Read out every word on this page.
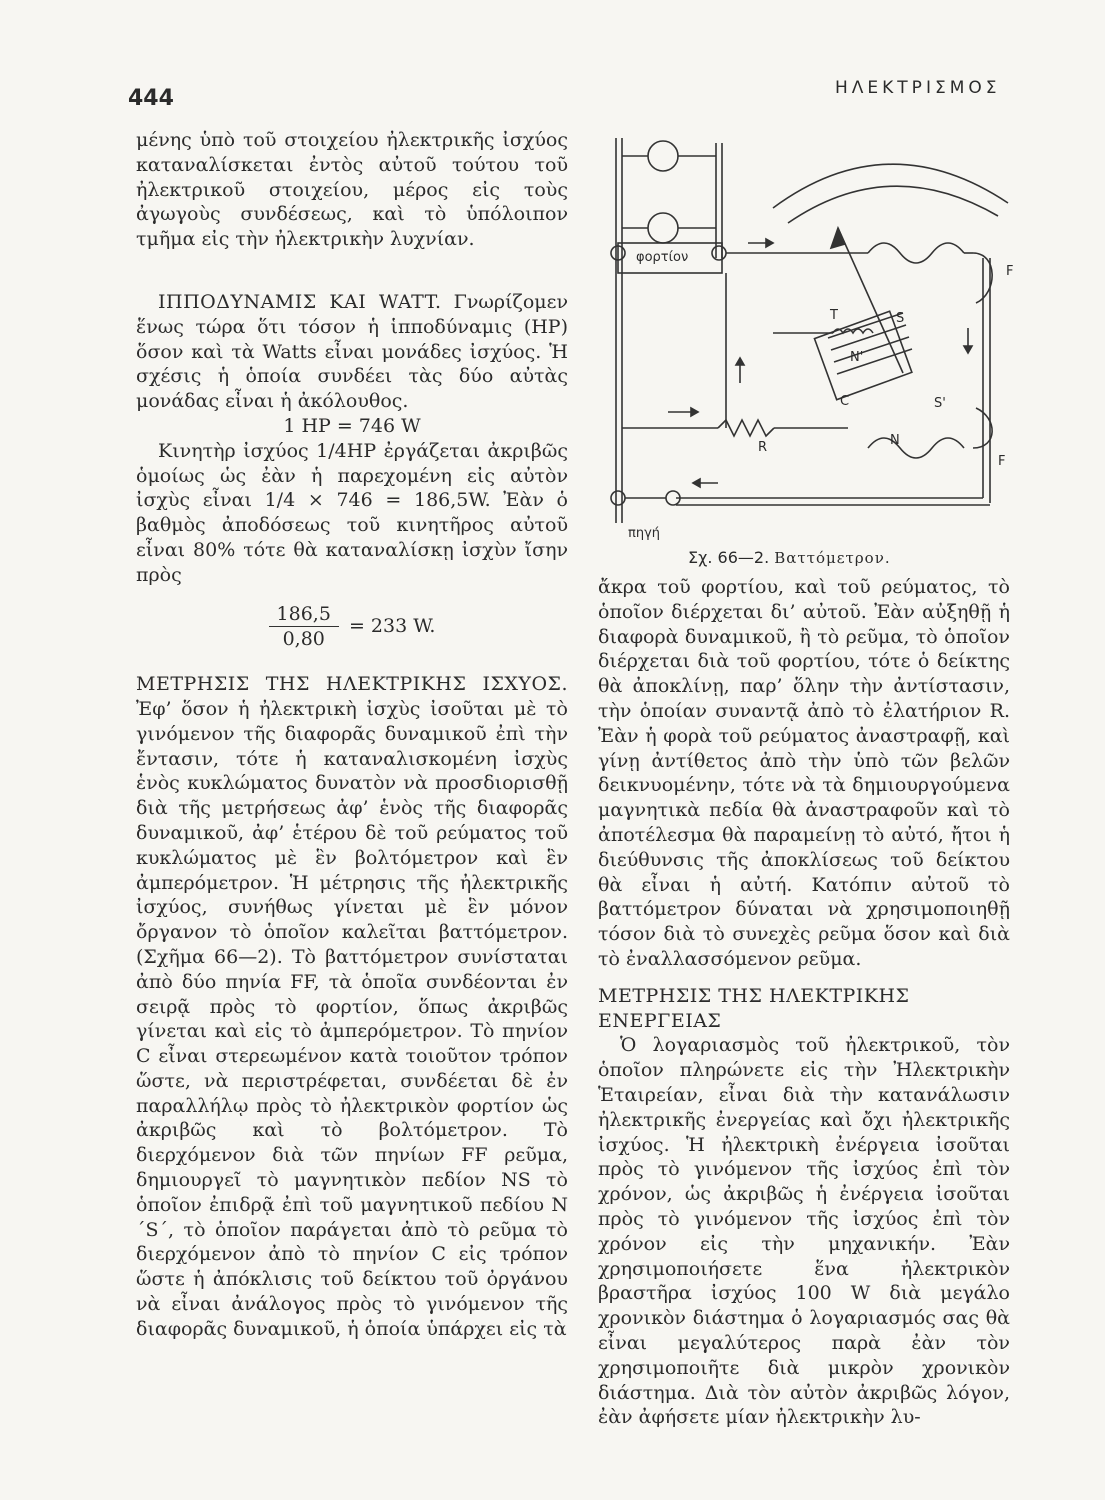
444	ΗΛΕΚΤΡΙΣΜΟΣ

μένης ὑπὸ τοῦ στοιχείου ἠλεκτρικῆς ἰσχύος καταναλίσκεται ἐντὸς αὐτοῦ τούτου τοῦ ἠλεκτρικοῦ στοιχείου, μέρος εἰς τοὺς ἀγωγοὺς συνδέσεως, καὶ τὸ ὑπόλοιπον τμῆμα εἰς τὴν ἠλεκτρικὴν λυχνίαν.

ΙΠΠΟΔΥΝΑΜΙΣ ΚΑΙ WATT. Γνωρίζομεν ἕνως τώρα ὅτι τόσον ἡ ἱπποδύναμις (HP) ὅσον καὶ τὰ Watts εἶναι μονάδες ἰσχύος. Ἡ σχέσις ἡ ὁποία συνδέει τὰς δύο αὐτὰς μονάδας εἶναι ἡ ἀκόλουθος.

1 HP = 746 W

Κινητὴρ ἰσχύος 1/4HP ἐργάζεται ἀκριβῶς ὁμοίως ὡς ἐὰν ἡ παρεχομένη εἰς αὐτὸν ἰσχὺς εἶναι 1/4 × 746 = 186,5W. Ἐὰν ὁ βαθμὸς ἀποδόσεως τοῦ κινητῆρος αὐτοῦ εἶναι 80% τότε θὰ καταναλίσκῃ ἰσχὺν ἴσην πρὸς

$\frac{186,5}{0,80} = 233$ W.

ΜΕΤΡΗΣΙΣ ΤΗΣ ΗΛΕΚΤΡΙΚΗΣ ΙΣΧΥΟΣ. Ἐφ’ ὅσον ἡ ἠλεκτρικὴ ἰσχὺς ἰσοῦται μὲ τὸ γινόμενον τῆς διαφορᾶς δυναμικοῦ ἐπὶ τὴν ἔντασιν, τότε ἡ καταναλισκομένη ἰσχὺς ἑνὸς κυκλώματος δυνατὸν νὰ προσδιορισθῇ διὰ τῆς μετρήσεως ἀφ’ ἑνὸς τῆς διαφορᾶς δυναμικοῦ, ἀφ’ ἑτέρου δὲ τοῦ ρεύματος τοῦ κυκλώματος μὲ ἓν βολτόμετρον καὶ ἓν ἀμπερόμετρον. Ἡ μέτρησις τῆς ἠλεκτρικῆς ἰσχύος, συνήθως γίνεται μὲ ἓν μόνον ὄργανον τὸ ὁποῖον καλεῖται βαττόμετρον. (Σχῆμα 66—2). Τὸ βαττόμετρον συνίσταται ἀπὸ δύο πηνία FF, τὰ ὁποῖα συνδέονται ἐν σειρᾷ πρὸς τὸ φορτίον, ὅπως ἀκριβῶς γίνεται καὶ εἰς τὸ ἀμπερόμετρον. Τὸ πηνίον C εἶναι στερεωμένον κατὰ τοιοῦτον τρόπον ὥστε, νὰ περιστρέφεται, συνδέεται δὲ ἐν παραλλήλῳ πρὸς τὸ ἠλεκτρικὸν φορτίον ὡς ἀκριβῶς καὶ τὸ βολτόμετρον. Τὸ διερχόμενον διὰ τῶν πηνίων FF ρεῦμα, δημιουργεῖ τὸ μαγνητικὸν πεδίον NS τὸ ὁποῖον ἐπιδρᾷ ἐπὶ τοῦ μαγνητικοῦ πεδίου N´S´, τὸ ὁποῖον παράγεται ἀπὸ τὸ ρεῦμα τὸ διερχόμενον ἀπὸ τὸ πηνίον C εἰς τρόπον ὥστε ἡ ἀπόκλισις τοῦ δείκτου τοῦ ὀργάνου νὰ εἶναι ἀνάλογος πρὸς τὸ γινόμενον τῆς διαφορᾶς δυναμικοῦ, ἡ ὁποία ὑπάρχει εἰς τὰ

φορτίον
πηγή
T	S
N'
C	S'
R	N
F
F
Σχ. 66—2. Βαττόμετρον.

ἄκρα τοῦ φορτίου, καὶ τοῦ ρεύματος, τὸ ὁποῖον διέρχεται δι’ αὐτοῦ. Ἐὰν αὐξηθῇ ἡ διαφορὰ δυναμικοῦ, ἢ τὸ ρεῦμα, τὸ ὁποῖον διέρχεται διὰ τοῦ φορτίου, τότε ὁ δείκτης θὰ ἀποκλίνῃ, παρ’ ὅλην τὴν ἀντίστασιν, τὴν ὁποίαν συναντᾷ ἀπὸ τὸ ἐλατήριον R. Ἐὰν ἡ φορὰ τοῦ ρεύματος ἀναστραφῇ, καὶ γίνῃ ἀντίθετος ἀπὸ τὴν ὑπὸ τῶν βελῶν δεικνυομένην, τότε νὰ τὰ δημιουργούμενα μαγνητικὰ πεδία θὰ ἀναστραφοῦν καὶ τὸ ἀποτέλεσμα θὰ παραμείνῃ τὸ αὐτό, ἤτοι ἡ διεύθυνσις τῆς ἀποκλίσεως τοῦ δείκτου θὰ εἶναι ἡ αὐτή. Κατόπιν αὐτοῦ τὸ βαττόμετρον δύναται νὰ χρησιμοποιηθῇ τόσον διὰ τὸ συνεχὲς ρεῦμα ὅσον καὶ διὰ τὸ ἐναλλασσόμενον ρεῦμα.

ΜΕΤΡΗΣΙΣ ΤΗΣ ΗΛΕΚΤΡΙΚΗΣ ΕΝΕΡΓΕΙΑΣ

Ὁ λογαριασμὸς τοῦ ἠλεκτρικοῦ, τὸν ὁποῖον πληρώνετε εἰς τὴν Ἠλεκτρικὴν Ἑταιρείαν, εἶναι διὰ τὴν κατανάλωσιν ἠλεκτρικῆς ἐνεργείας καὶ ὄχι ἠλεκτρικῆς ἰσχύος. Ἡ ἠλεκτρικὴ ἐνέργεια ἰσοῦται πρὸς τὸ γινόμενον τῆς ἰσχύος ἐπὶ τὸν χρόνον, ὡς ἀκριβῶς ἡ ἐνέργεια ἰσοῦται πρὸς τὸ γινόμενον τῆς ἰσχύος ἐπὶ τὸν χρόνον εἰς τὴν μηχανικήν. Ἐὰν χρησιμοποιήσετε ἕνα ἠλεκτρικὸν βραστῆρα ἰσχύος 100 W διὰ μεγάλο χρονικὸν διάστημα ὁ λογαριασμός σας θὰ εἶναι μεγαλύτερος παρὰ ἐὰν τὸν χρησιμοποιῆτε διὰ μικρὸν χρονικὸν διάστημα. Διὰ τὸν αὐτὸν ἀκριβῶς λόγον, ἐὰν ἀφήσετε μίαν ἠλεκτρικὴν λυ-
